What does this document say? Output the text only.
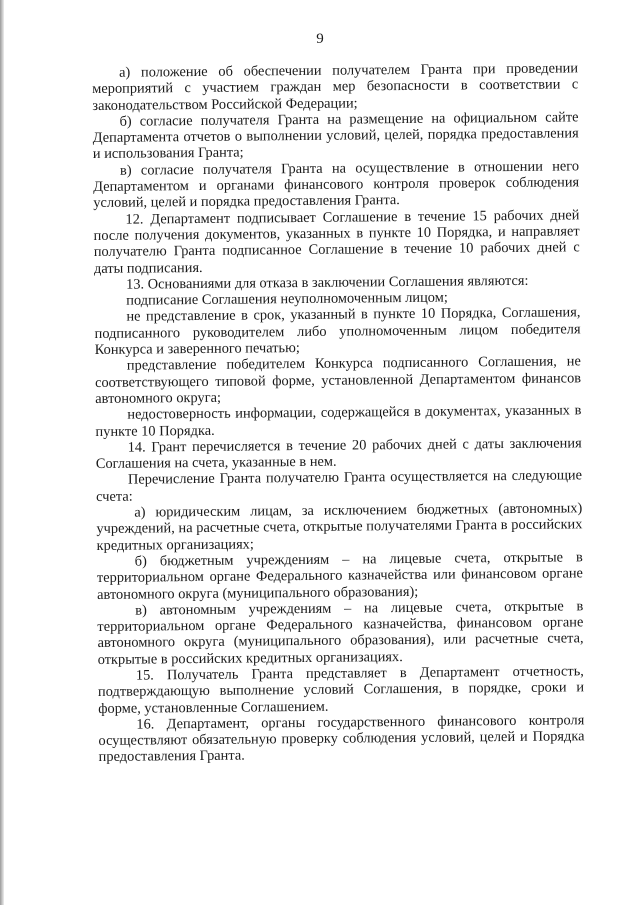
9

а) положение об обеспечении получателем Гранта при проведении мероприятий с участием граждан мер безопасности в соответствии с законодательством Российской Федерации;

б) согласие получателя Гранта на размещение на официальном сайте Департамента отчетов о выполнении условий, целей, порядка предоставления и использования Гранта;

в) согласие получателя Гранта на осуществление в отношении него Департаментом и органами финансового контроля проверок соблюдения условий, целей и порядка предоставления Гранта.

12. Департамент подписывает Соглашение в течение 15 рабочих дней после получения документов, указанных в пункте 10 Порядка, и направляет получателю Гранта подписанное Соглашение в течение 10 рабочих дней с даты подписания.

13. Основаниями для отказа в заключении Соглашения являются:

подписание Соглашения неуполномоченным лицом;

не представление в срок, указанный в пункте 10 Порядка, Соглашения, подписанного руководителем либо уполномоченным лицом победителя Конкурса и заверенного печатью;

представление победителем Конкурса подписанного Соглашения, не соответствующего типовой форме, установленной Департаментом финансов автономного округа;

недостоверность информации, содержащейся в документах, указанных в пункте 10 Порядка.

14. Грант перечисляется в течение 20 рабочих дней с даты заключения Соглашения на счета, указанные в нем.

Перечисление Гранта получателю Гранта осуществляется на следующие счета:

а) юридическим лицам, за исключением бюджетных (автономных) учреждений, на расчетные счета, открытые получателями Гранта в российских кредитных организациях;

б) бюджетным учреждениям – на лицевые счета, открытые в территориальном органе Федерального казначейства или финансовом органе автономного округа (муниципального образования);

в) автономным учреждениям – на лицевые счета, открытые в территориальном органе Федерального казначейства, финансовом органе автономного округа (муниципального образования), или расчетные счета, открытые в российских кредитных организациях.

15. Получатель Гранта представляет в Департамент отчетность, подтверждающую выполнение условий Соглашения, в порядке, сроки и форме, установленные Соглашением.

16. Департамент, органы государственного финансового контроля осуществляют обязательную проверку соблюдения условий, целей и Порядка предоставления Гранта.
